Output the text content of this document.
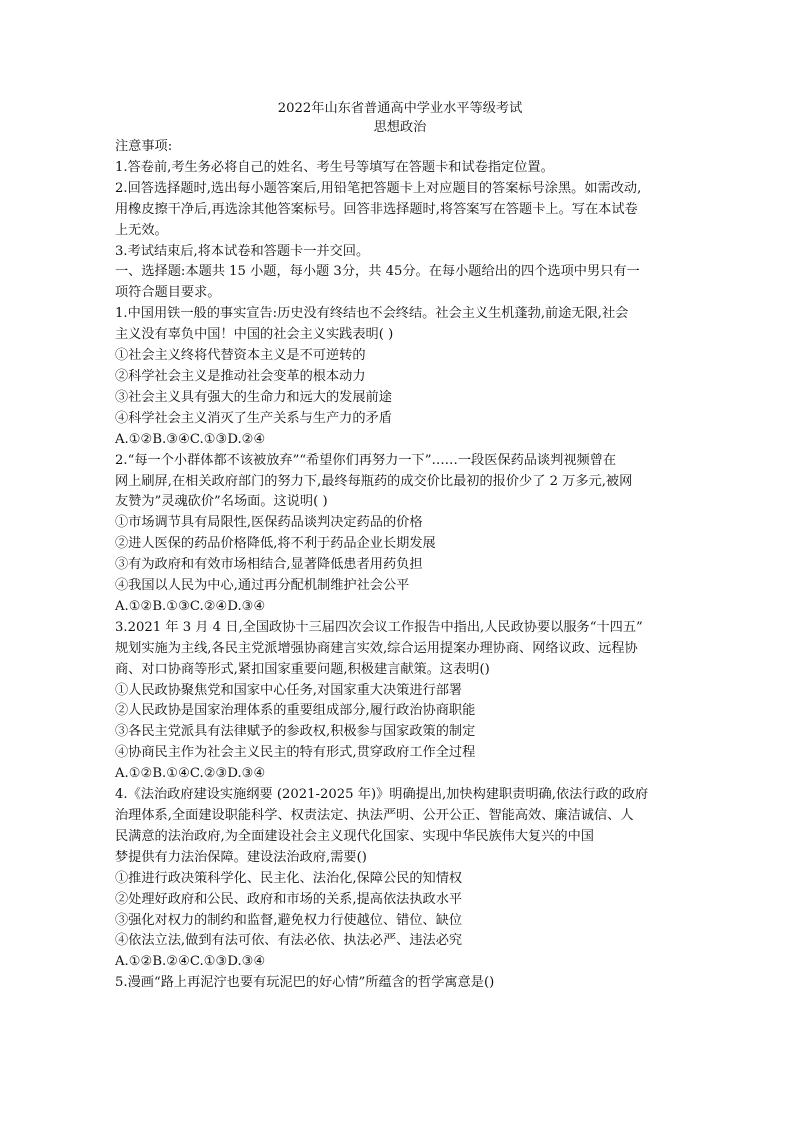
2022年山东省普通高中学业水平等级考试
思想政治
注意事项:
1.答卷前,考生务必将自己的姓名、考生号等填写在答题卡和试卷指定位置。
2.回答选择题时,选出每小题答案后,用铅笔把答题卡上对应题目的答案标号涂黑。如需改动,
用橡皮擦干净后,再选涂其他答案标号。回答非选择题时,将答案写在答题卡上。写在本试卷
上无效。
3.考试结束后,将本试卷和答题卡一并交回。
一、选择题:本题共 15 小题，每小题 3分，共 45分。在每小题给出的四个选项中男只有一
项符合题目要求。
1.中国用铁一般的事实宣告:历史没有终结也不会终结。社会主义生机蓬勃,前途无限,社会
主义没有辜负中国！中国的社会主义实践表明( )
①社会主义终将代替资本主义是不可逆转的
②科学社会主义是推动社会变革的根本动力
③社会主义具有强大的生命力和远大的发展前途
④科学社会主义消灭了生产关系与生产力的矛盾
A.①②B.③④C.①③D.②④
2.“每一个小群体都不该被放弃”“希望你们再努力一下”……一段医保药品谈判视频曾在
网上刷屏,在相关政府部门的努力下,最终每瓶药的成交价比最初的报价少了 2 万多元,被网
友赞为”灵魂砍价”名场面。这说明( )
①市场调节具有局限性,医保药品谈判决定药品的价格
②进人医保的药品价格降低,将不利于药品企业长期发展
③有为政府和有效市场相结合,显著降低患者用药负担
④我国以人民为中心,通过再分配机制维护社会公平
A.①②B.①③C.②④D.③④
3.2021 年 3 月 4 日,全国政协十三届四次会议工作报告中指出,人民政协要以服务“十四五”
规划实施为主线,各民主党派增强协商建言实效,综合运用提案办理协商、网络议政、远程协
商、对口协商等形式,紧扣国家重要问题,积极建言献策。这表明()
①人民政协聚焦党和国家中心任务,对国家重大决策进行部署
②人民政协是国家治理体系的重要组成部分,履行政治协商职能
③各民主党派具有法律赋予的参政权,积极参与国家政策的制定
④协商民主作为社会主义民主的特有形式,贯穿政府工作全过程
A.①②B.①④C.②③D.③④
4.《法治政府建设实施纲要 (2021-2025 年)》明确提出,加快构建职责明确,依法行政的政府
治理体系,全面建设职能科学、权责法定、执法严明、公开公正、智能高效、廉洁诚信、人
民满意的法治政府,为全面建设社会主义现代化国家、实现中华民族伟大复兴的中国
梦提供有力法治保障。建设法治政府,需要()
①推进行政决策科学化、民主化、法治化,保障公民的知情权
②处理好政府和公民、政府和市场的关系,提高依法执政水平
③强化对权力的制约和监督,避免权力行使越位、错位、缺位
④依法立法,做到有法可依、有法必依、执法必严、违法必究
A.①②B.②④C.①③D.③④
5.漫画“路上再泥泞也要有玩泥巴的好心情”所蕴含的哲学寓意是()
